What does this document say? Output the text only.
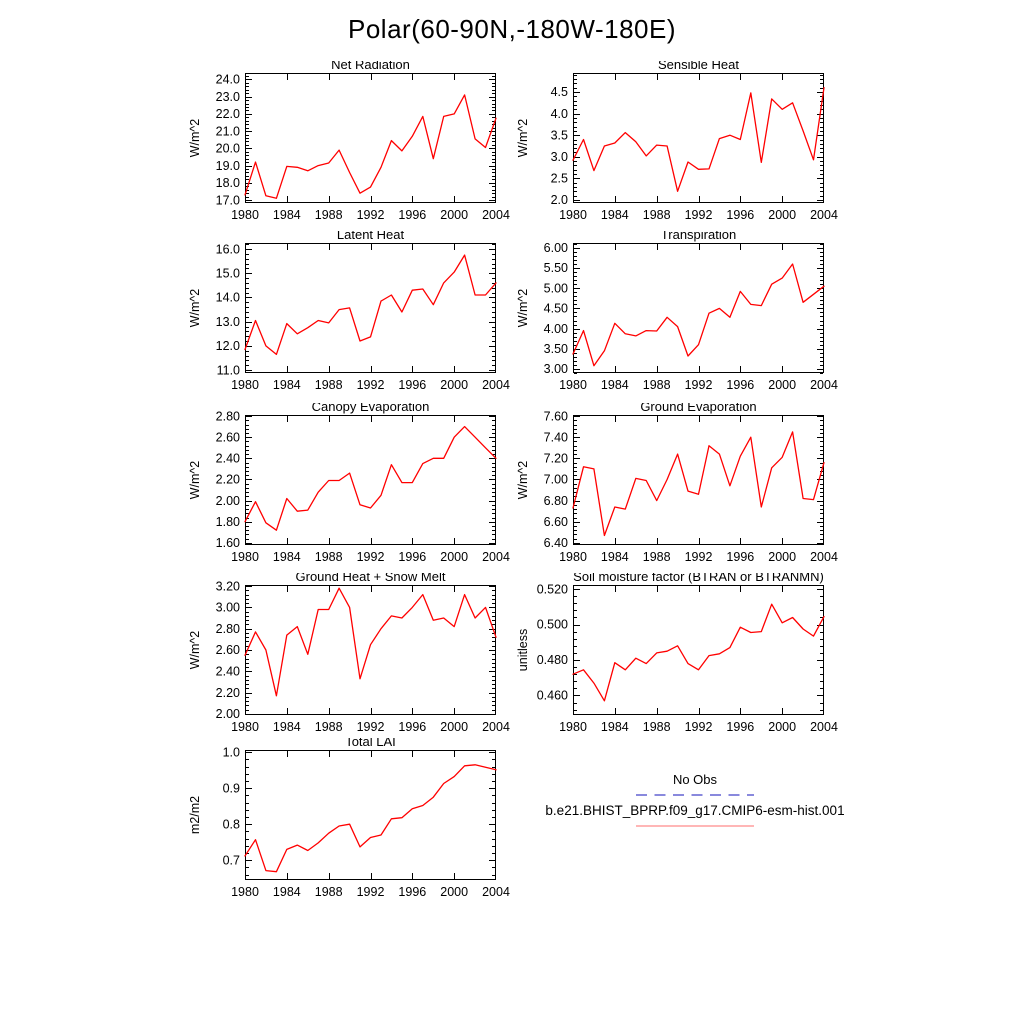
Polar(60-90N,-180W-180E)
17.0
18.0
19.0
20.0
21.0
22.0
23.0
24.0
1980 1984 1988 1992 1996 2000 2004
Net Radiation
W/m^2
2.0
2.5
3.0
3.5
4.0
4.5
1980 1984 1988 1992 1996 2000 2004
Sensible Heat
W/m^2
11.0
12.0
13.0
14.0
15.0
16.0
1980 1984 1988 1992 1996 2000 2004
Latent Heat
W/m^2
3.00
3.50
4.00
4.50
5.00
5.50
6.00
1980 1984 1988 1992 1996 2000 2004
Transpiration
W/m^2
1.60
1.80
2.00
2.20
2.40
2.60
2.80
1980 1984 1988 1992 1996 2000 2004
Canopy Evaporation
W/m^2
6.40
6.60
6.80
7.00
7.20
7.40
7.60
1980 1984 1988 1992 1996 2000 2004
Ground Evaporation
W/m^2
2.00
2.20
2.40
2.60
2.80
3.00
3.20
1980 1984 1988 1992 1996 2000 2004
Ground Heat + Snow Melt
W/m^2
0.460
0.480
0.500
0.520
1980 1984 1988 1992 1996 2000 2004
Soil moisture factor (BTRAN or BTRANMN)
unitless
0.7
0.8
0.9
1.0
1980 1984 1988 1992 1996 2000 2004
Total LAI
m2/m2
No Obs
b.e21.BHIST_BPRP.f09_g17.CMIP6-esm-hist.001
